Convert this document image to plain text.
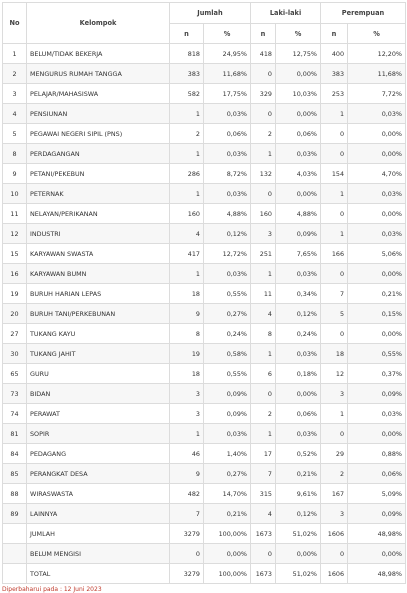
No	Kelompok	Jumlah		Laki-laki		Perempuan	
		n	%	n	%	n	%
1	BELUM/TIDAK BEKERJA	818	24,95%	418	12,75%	400	12,20%
2	MENGURUS RUMAH TANGGA	383	11,68%	0	0,00%	383	11,68%
3	PELAJAR/MAHASISWA	582	17,75%	329	10,03%	253	7,72%
4	PENSIUNAN	1	0,03%	0	0,00%	1	0,03%
5	PEGAWAI NEGERI SIPIL (PNS)	2	0,06%	2	0,06%	0	0,00%
8	PERDAGANGAN	1	0,03%	1	0,03%	0	0,00%
9	PETANI/PEKEBUN	286	8,72%	132	4,03%	154	4,70%
10	PETERNAK	1	0,03%	0	0,00%	1	0,03%
11	NELAYAN/PERIKANAN	160	4,88%	160	4,88%	0	0,00%
12	INDUSTRI	4	0,12%	3	0,09%	1	0,03%
15	KARYAWAN SWASTA	417	12,72%	251	7,65%	166	5,06%
16	KARYAWAN BUMN	1	0,03%	1	0,03%	0	0,00%
19	BURUH HARIAN LEPAS	18	0,55%	11	0,34%	7	0,21%
20	BURUH TANI/PERKEBUNAN	9	0,27%	4	0,12%	5	0,15%
27	TUKANG KAYU	8	0,24%	8	0,24%	0	0,00%
30	TUKANG JAHIT	19	0,58%	1	0,03%	18	0,55%
65	GURU	18	0,55%	6	0,18%	12	0,37%
73	BIDAN	3	0,09%	0	0,00%	3	0,09%
74	PERAWAT	3	0,09%	2	0,06%	1	0,03%
81	SOPIR	1	0,03%	1	0,03%	0	0,00%
84	PEDAGANG	46	1,40%	17	0,52%	29	0,88%
85	PERANGKAT DESA	9	0,27%	7	0,21%	2	0,06%
88	WIRASWASTA	482	14,70%	315	9,61%	167	5,09%
89	LAINNYA	7	0,21%	4	0,12%	3	0,09%
	JUMLAH	3279	100,00%	1673	51,02%	1606	48,98%
	BELUM MENGISI	0	0,00%	0	0,00%	0	0,00%
	TOTAL	3279	100,00%	1673	51,02%	1606	48,98%
Diperbaharui pada : 12 Juni 2023
